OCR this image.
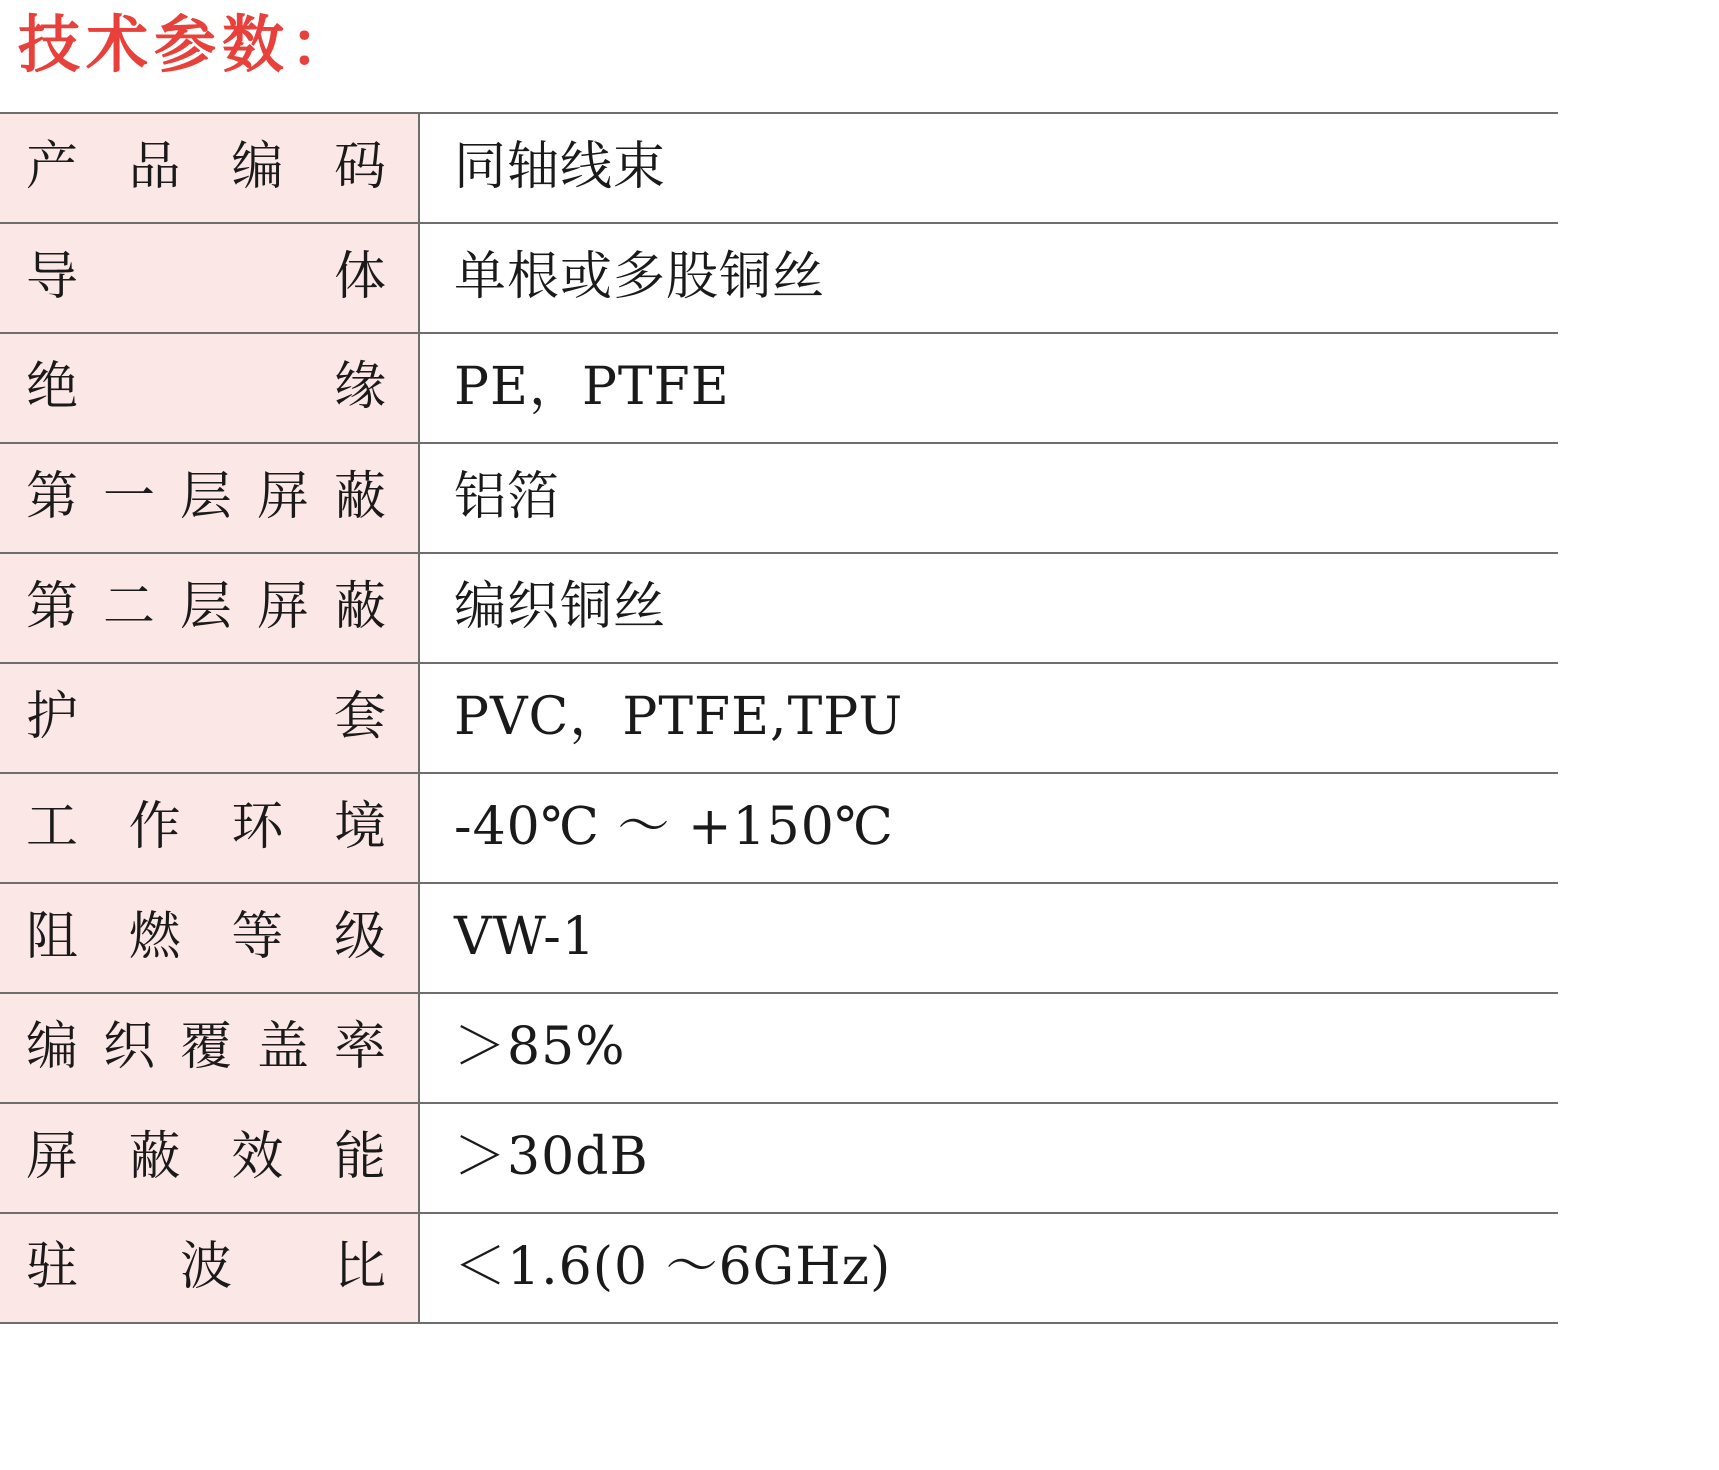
技术参数：
产 品 编 码	同轴线束

导 体	单根或多股铜丝

绝 缘	PE，PTFE

第 一 层 屏 蔽	铝箔

第 二 层 屏 蔽	编织铜丝

护 套	PVC，PTFE,TPU

工 作 环 境	-40℃ ～ +150℃

阻 燃 等 级	VW-1

编 织 覆 盖 率	＞85%

屏 蔽 效 能	＞30dB

驻 波 比	＜1.6(0 ～6GHz)
